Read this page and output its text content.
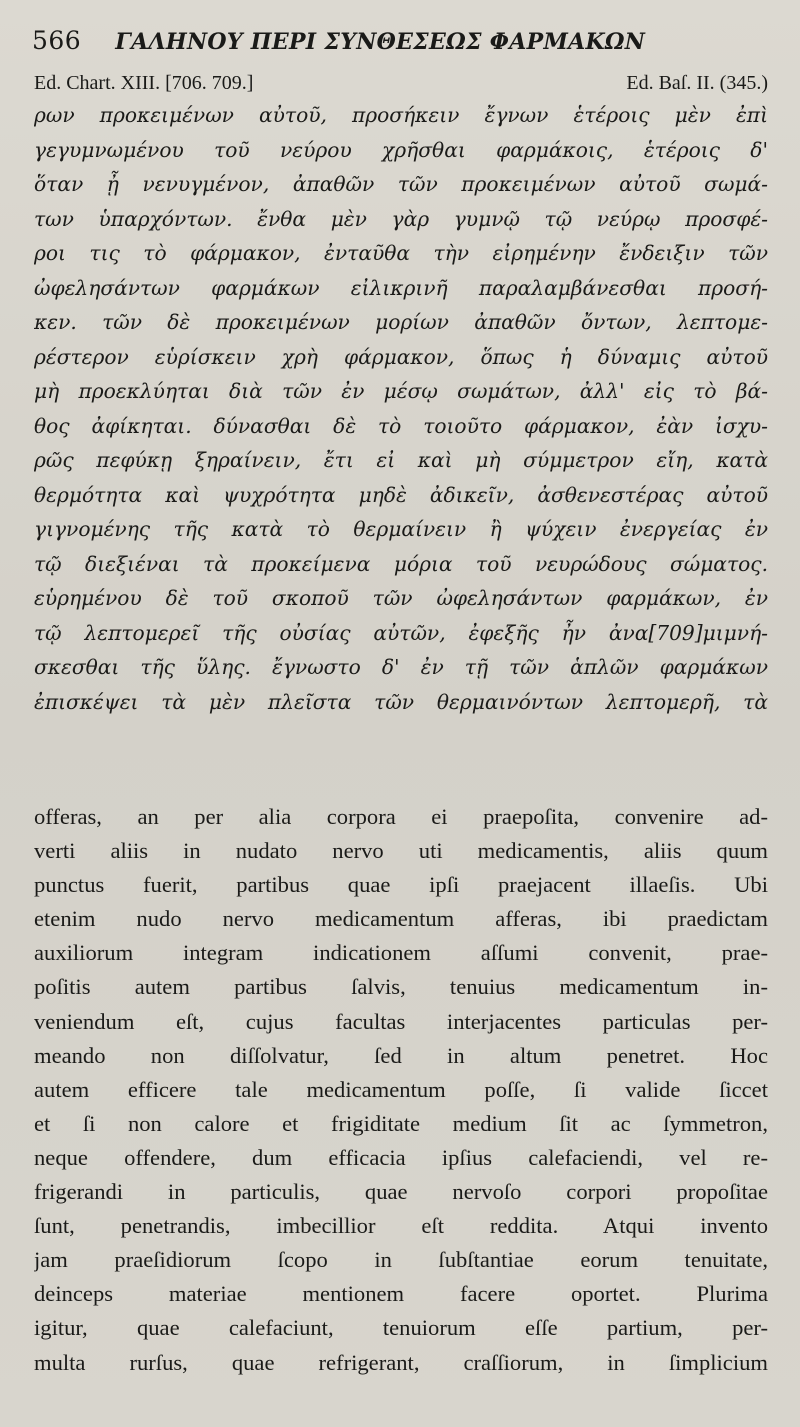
566 ΓΑΛΗΝΟΥ ΠΕΡΙ ΣΥΝΘΕΣΕΩΣ ΦΑΡΜΑΚΩΝ
Ed. Chart. XIII. [706. 709.]	Ed. Baſ. II. (345.)
ρων προκειμένων αὐτοῦ, προσήκειν ἔγνων ἑτέροις μὲν ἐπὶ
γεγυμνωμένου τοῦ νεύρου χρῆσθαι φαρμάκοις, ἑτέροις δ'
ὅταν ᾖ νενυγμένον, ἀπαθῶν τῶν προκειμένων αὐτοῦ σωμά-
των ὑπαρχόντων. ἔνθα μὲν γὰρ γυμνῷ τῷ νεύρῳ προσφέ-
ροι τις τὸ φάρμακον, ἐνταῦθα τὴν εἰρημένην ἔνδειξιν τῶν
ὠφελησάντων φαρμάκων εἰλικρινῆ παραλαμβάνεσθαι προσή-
κεν. τῶν δὲ προκειμένων μορίων ἀπαθῶν ὄντων, λεπτομε-
ρέστερον εὑρίσκειν χρὴ φάρμακον, ὅπως ἡ δύναμις αὐτοῦ
μὴ προεκλύηται διὰ τῶν ἐν μέσῳ σωμάτων, ἀλλ' εἰς τὸ βά-
θος ἀφίκηται. δύνασθαι δὲ τὸ τοιοῦτο φάρμακον, ἐὰν ἰσχυ-
ρῶς πεφύκῃ ξηραίνειν, ἔτι εἰ καὶ μὴ σύμμετρον εἴη, κατὰ
θερμότητα καὶ ψυχρότητα μηδὲ ἀδικεῖν, ἀσθενεστέρας αὐτοῦ
γιγνομένης τῆς κατὰ τὸ θερμαίνειν ἢ ψύχειν ἐνεργείας ἐν
τῷ διεξιέναι τὰ προκείμενα μόρια τοῦ νευρώδους σώματος.
εὑρημένου δὲ τοῦ σκοποῦ τῶν ὠφελησάντων φαρμάκων, ἐν
τῷ λεπτομερεῖ τῆς οὐσίας αὐτῶν, ἐφεξῆς ἦν ἀνα[709]μιμνή-
σκεσθαι τῆς ὕλης. ἔγνωστο δ' ἐν τῇ τῶν ἁπλῶν φαρμάκων
ἐπισκέψει τὰ μὲν πλεῖστα τῶν θερμαινόντων λεπτομερῆ, τὰ
offeras, an per alia corpora ei praepoſita, convenire ad-
verti aliis in nudato nervo uti medicamentis, aliis quum
punctus fuerit, partibus quae ipſi praejacent illaeſis. Ubi
etenim nudo nervo medicamentum afferas, ibi praedictam
auxiliorum integram indicationem aſſumi convenit, prae-
poſitis autem partibus ſalvis, tenuius medicamentum in-
veniendum eſt, cujus facultas interjacentes particulas per-
meando non diſſolvatur, ſed in altum penetret. Hoc
autem efficere tale medicamentum poſſe, ſi valide ſiccet
et ſi non calore et frigiditate medium ſit ac ſymmetron,
neque offendere, dum efficacia ipſius calefaciendi, vel re-
frigerandi in particulis, quae nervoſo corpori propoſitae
ſunt, penetrandis, imbecillior eſt reddita. Atqui invento
jam praeſidiorum ſcopo in ſubſtantiae eorum tenuitate,
deinceps materiae mentionem facere oportet. Plurima
igitur, quae calefaciunt, tenuiorum eſſe partium, per-
multa rurſus, quae refrigerant, craſſiorum, in ſimplicium
